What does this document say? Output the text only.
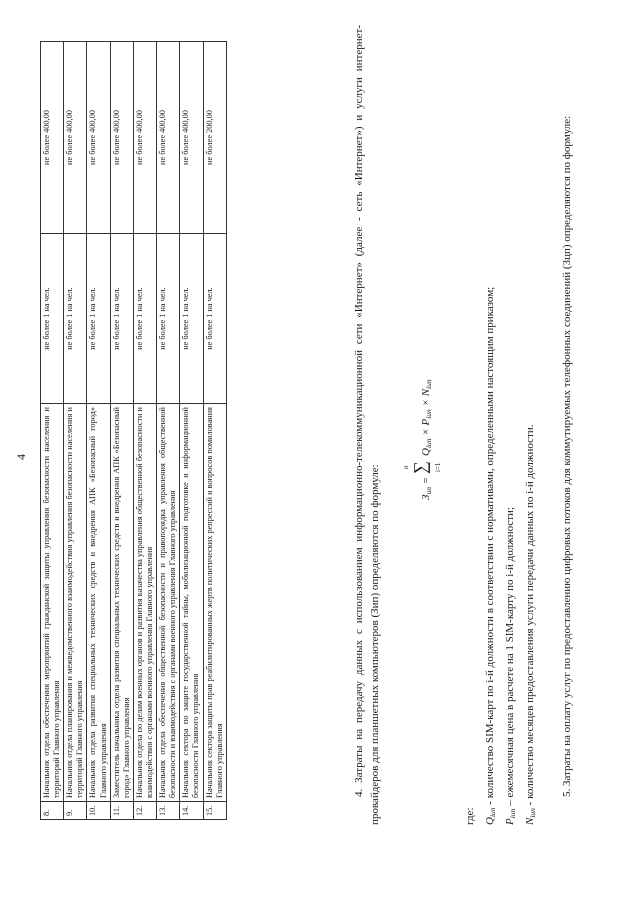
4
8.	Начальник отдела обеспечения мероприятий гражданской защиты управления безопасности населения и территорий Главного управления	не более 1 на чел.	не более 400,00
9.	Начальник отдела планирования и межведомственного взаимодействия управления безопасности населения и территорий Главного управления	не более 1 на чел.	не более 400,00
10.	Начальник отдела развития специальных технических средств и внедрения АПК «Безопасный город» Главного управления	не более 1 на чел.	не более 400,00
11.	Заместитель начальника отдела развития специальных технических средств и внедрения АПК «Безопасный город» Главного управления	не более 1 на чел.	не более 400,00
12.	Начальник отдела по делам военных органов и развития казачества управления общественной безопасности и взаимодействия с органами военного управления Главного управления	не более 1 на чел.	не более 400,00
13.	Начальник отдела обеспечения общественной безопасности и правопорядка управления общественной безопасности и взаимодействия с органами военного управления Главного управления	не более 1 на чел.	не более 400,00
14.	Начальник сектора по защите государственной тайны, мобилизационной подготовке и информационной безопасности Главного управления	не более 1 на чел.	не более 400,00
15.	Начальник сектора защиты прав реабилитированных жертв политических репрессий и вопросов помилования Главного управления	не более 1 на чел.	не более 200,00	4. Затраты на передачу данных с использованием информационно-телекоммуникационной сети «Интернет» (далее - сеть «Интернет») и услуги интернет-провайдеров для планшетных компьютеров (Зип) определяются по формуле:	$З_{ип}$ =
n ∑ i=1
$Q_{iип} \times P_{iип} \times N_{iип}$
где: $Q_{iип}$ - количество SIM-карт по i-й должности в соответствии с нормативами, определенными настоящим приказом;
$P_{iип}$ – ежемесячная цена в расчете на 1 SIM-карту по i-й должности;
$N_{iип}$ - количество месяцев предоставления услуги передачи данных по i-й должности. 5. Затраты на оплату услуг по предоставлению цифровых потоков для коммутируемых телефонных соединений (Зцп) определяются по формуле:
